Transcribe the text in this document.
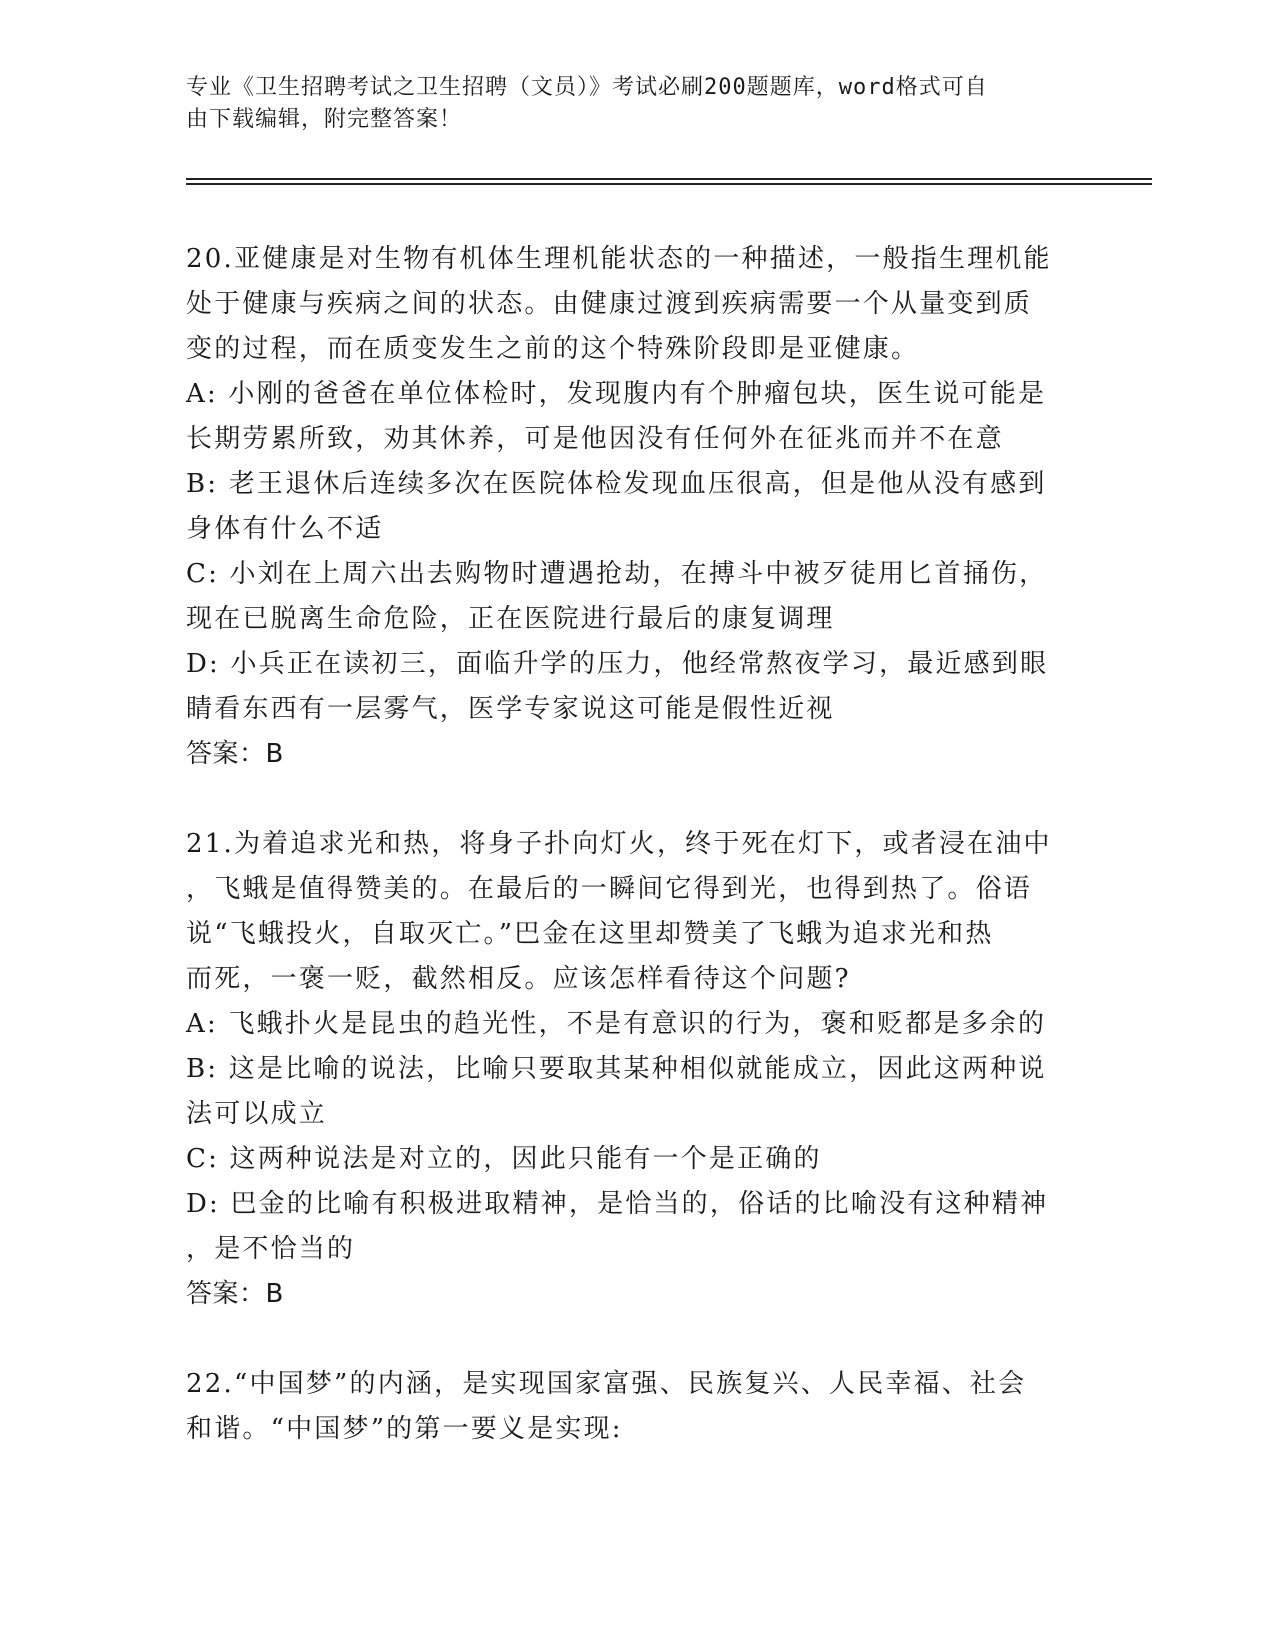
专业《卫生招聘考试之卫生招聘（文员）》考试必刷200题题库，word格式可自
由下载编辑，附完整答案！
20.亚健康是对生物有机体生理机能状态的一种描述，一般指生理机能
处于健康与疾病之间的状态。由健康过渡到疾病需要一个从量变到质
变的过程，而在质变发生之前的这个特殊阶段即是亚健康。
A: 小刚的爸爸在单位体检时，发现腹内有个肿瘤包块，医生说可能是
长期劳累所致，劝其休养，可是他因没有任何外在征兆而并不在意
B: 老王退休后连续多次在医院体检发现血压很高，但是他从没有感到
身体有什么不适
C: 小刘在上周六出去购物时遭遇抢劫，在搏斗中被歹徒用匕首捅伤，
现在已脱离生命危险，正在医院进行最后的康复调理
D: 小兵正在读初三，面临升学的压力，他经常熬夜学习，最近感到眼
睛看东西有一层雾气，医学专家说这可能是假性近视
答案：B
21.为着追求光和热，将身子扑向灯火，终于死在灯下，或者浸在油中
，飞蛾是值得赞美的。在最后的一瞬间它得到光，也得到热了。俗语
说“飞蛾投火，自取灭亡。”巴金在这里却赞美了飞蛾为追求光和热
而死，一褒一贬，截然相反。应该怎样看待这个问题?
A: 飞蛾扑火是昆虫的趋光性，不是有意识的行为，褒和贬都是多余的
B: 这是比喻的说法，比喻只要取其某种相似就能成立，因此这两种说
法可以成立
C: 这两种说法是对立的，因此只能有一个是正确的
D: 巴金的比喻有积极进取精神，是恰当的，俗话的比喻没有这种精神
，是不恰当的
答案：B
22.“中国梦”的内涵，是实现国家富强、民族复兴、人民幸福、社会
和谐。“中国梦”的第一要义是实现:
